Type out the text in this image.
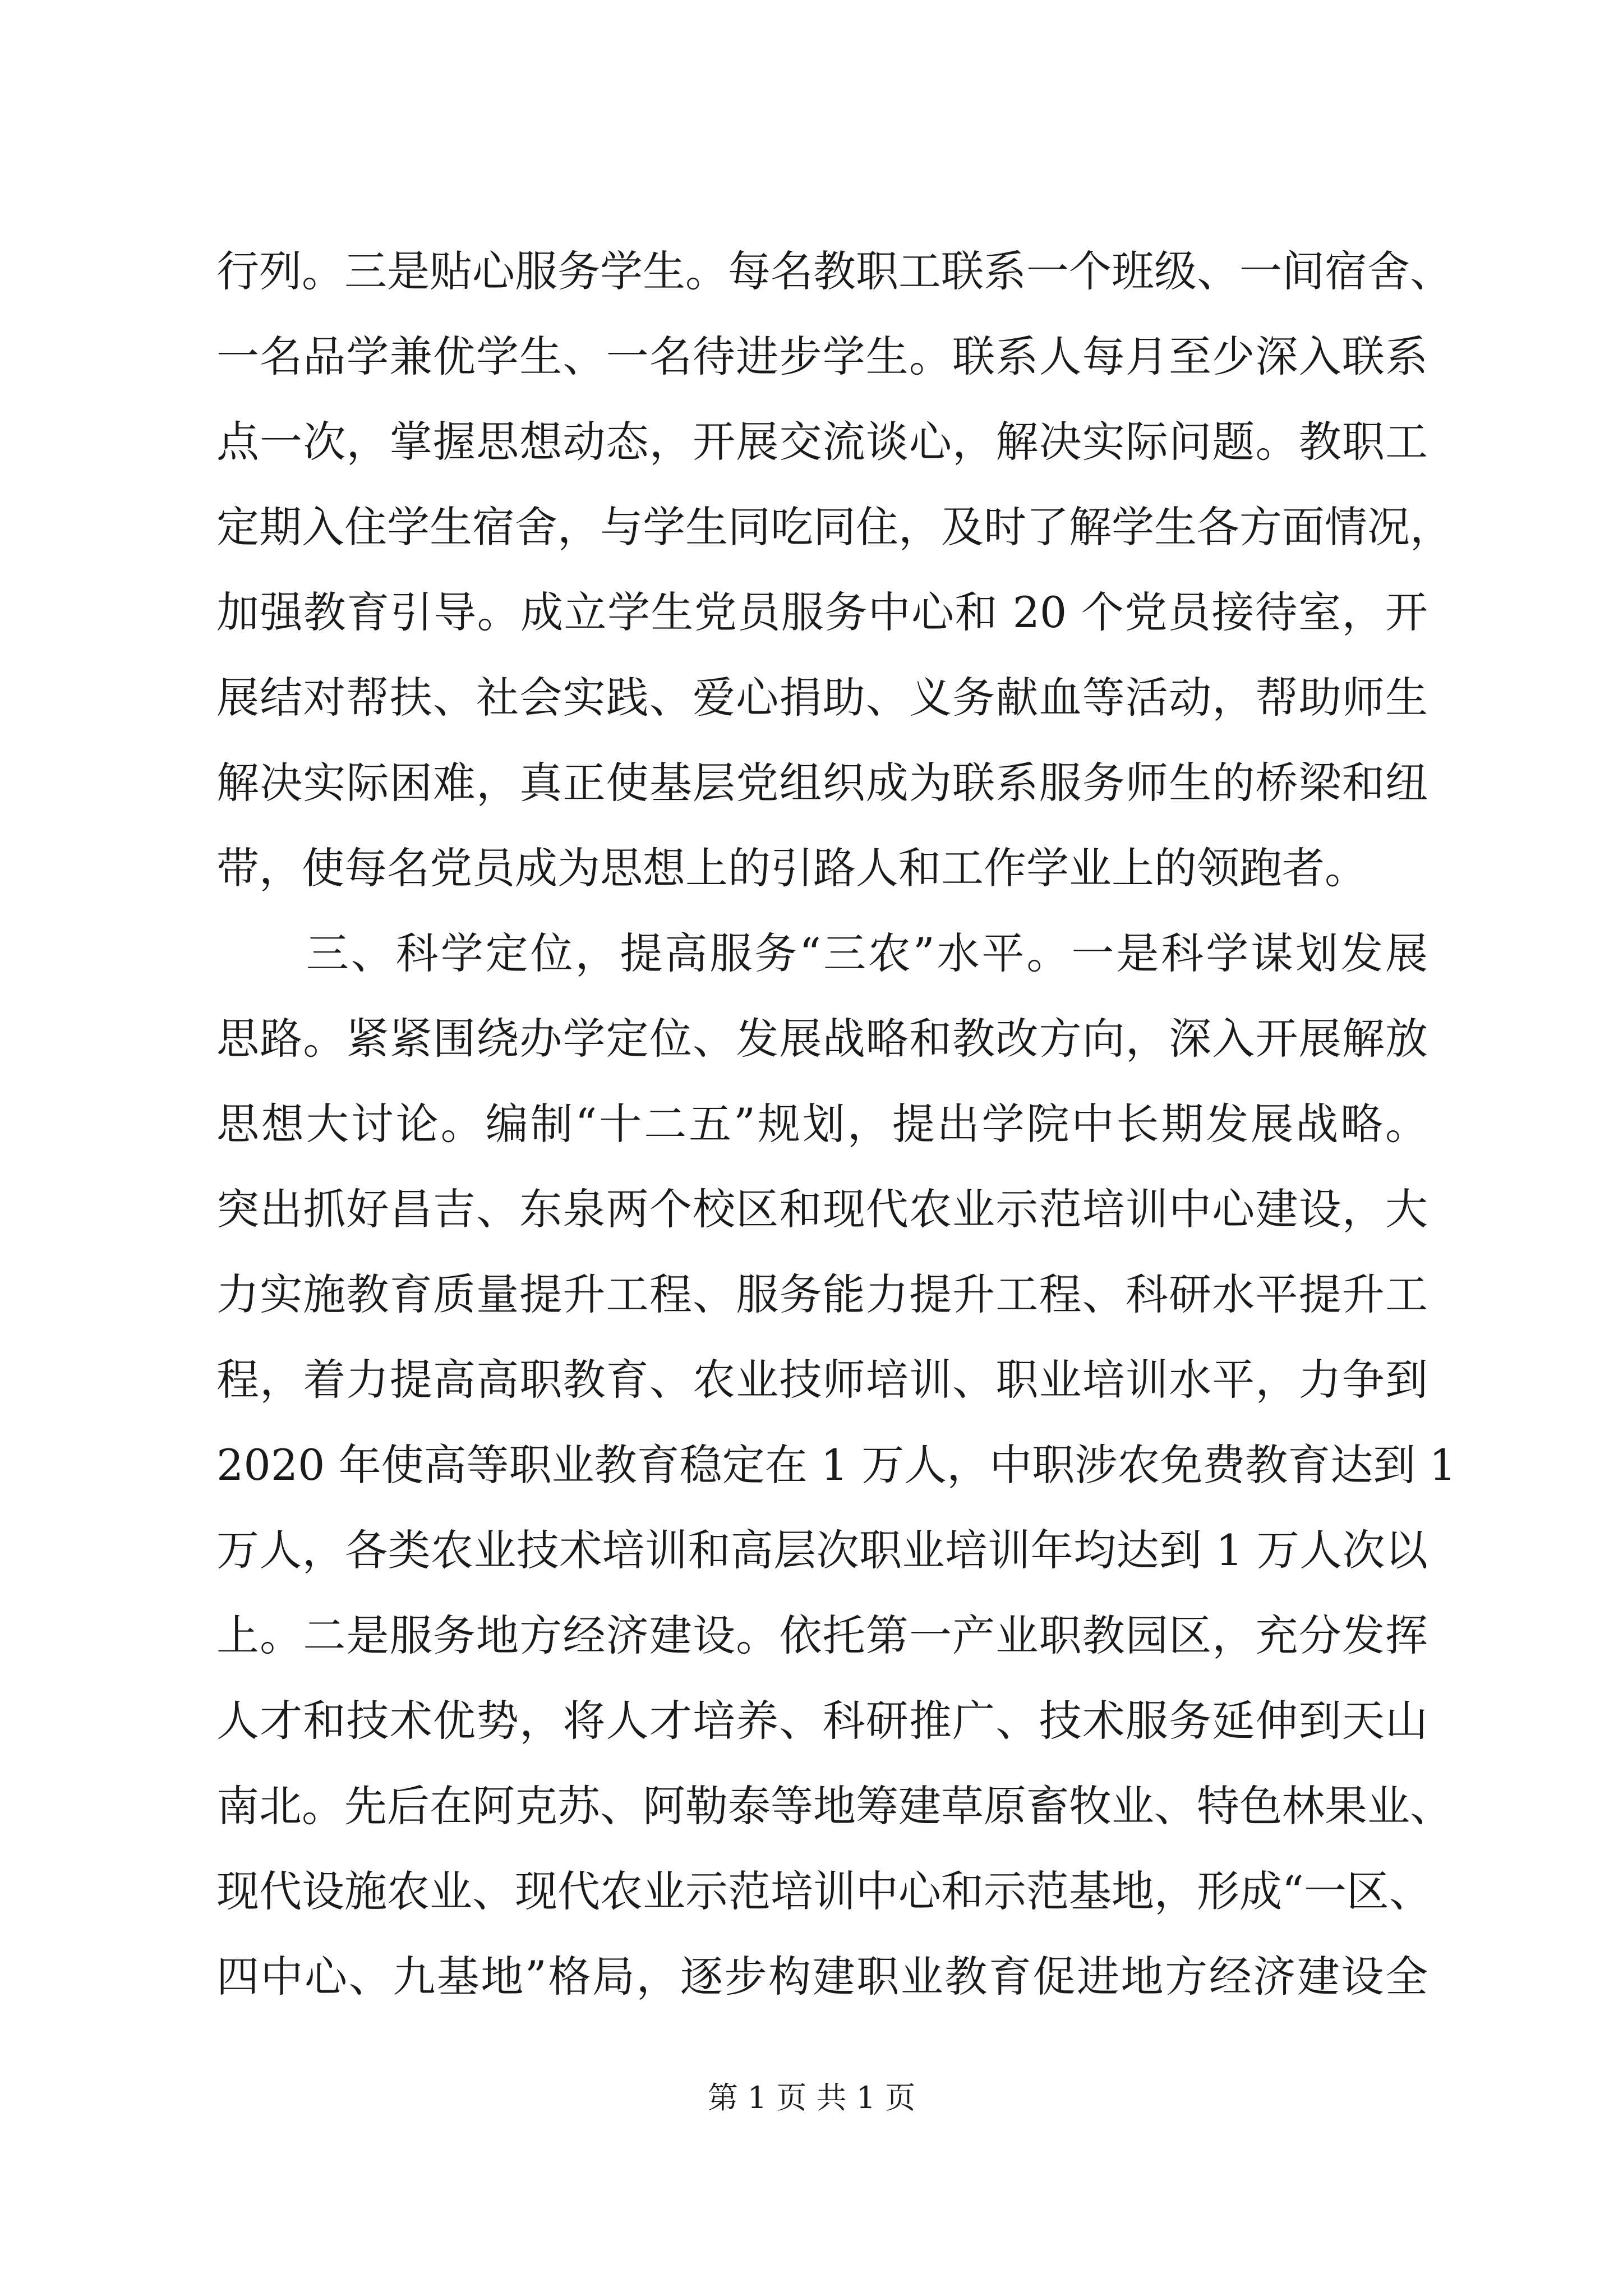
行列。三是贴心服务学生。每名教职工联系一个班级、一间宿舍、
一名品学兼优学生、一名待进步学生。联系人每月至少深入联系
点一次，掌握思想动态，开展交流谈心，解决实际问题。教职工
定期入住学生宿舍，与学生同吃同住，及时了解学生各方面情况，
加强教育引导。成立学生党员服务中心和 20 个党员接待室，开
展结对帮扶、社会实践、爱心捐助、义务献血等活动，帮助师生
解决实际困难，真正使基层党组织成为联系服务师生的桥梁和纽
带，使每名党员成为思想上的引路人和工作学业上的领跑者。
　　三、科学定位，提高服务“三农”水平。一是科学谋划发展
思路。紧紧围绕办学定位、发展战略和教改方向，深入开展解放
思想大讨论。编制“十二五”规划，提出学院中长期发展战略。
突出抓好昌吉、东泉两个校区和现代农业示范培训中心建设，大
力实施教育质量提升工程、服务能力提升工程、科研水平提升工
程，着力提高高职教育、农业技师培训、职业培训水平，力争到
2020 年使高等职业教育稳定在 1 万人，中职涉农免费教育达到 1
万人，各类农业技术培训和高层次职业培训年均达到 1 万人次以
上。二是服务地方经济建设。依托第一产业职教园区，充分发挥
人才和技术优势，将人才培养、科研推广、技术服务延伸到天山
南北。先后在阿克苏、阿勒泰等地筹建草原畜牧业、特色林果业、
现代设施农业、现代农业示范培训中心和示范基地，形成“一区、
四中心、九基地”格局，逐步构建职业教育促进地方经济建设全
第 1 页 共 1 页
